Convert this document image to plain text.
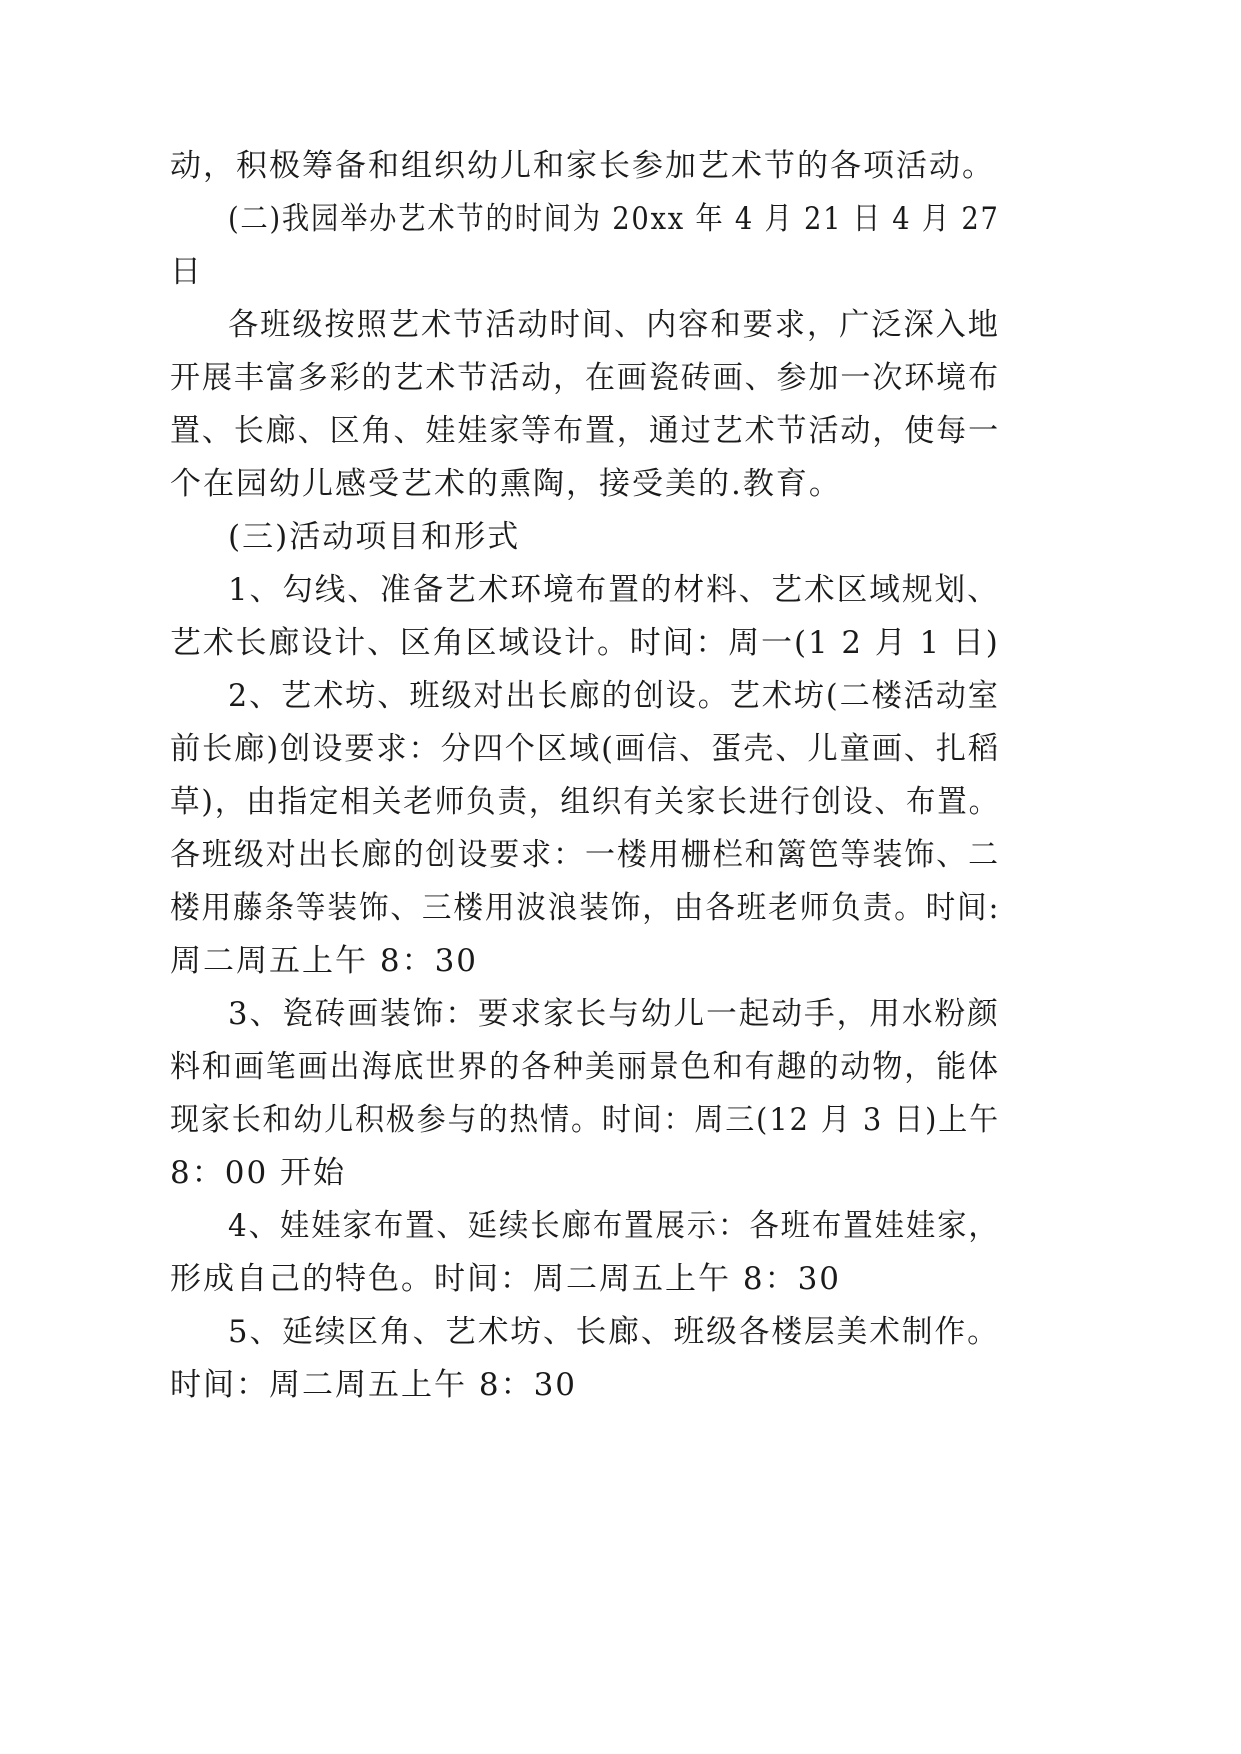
动，积极筹备和组织幼儿和家长参加艺术节的各项活动。
(二)我园举办艺术节的时间为 20xx 年 4 月 21 日 4 月 27
日
各班级按照艺术节活动时间、内容和要求，广泛深入地
开展丰富多彩的艺术节活动，在画瓷砖画、参加一次环境布
置、长廊、区角、娃娃家等布置，通过艺术节活动，使每一
个在园幼儿感受艺术的熏陶，接受美的.教育。
(三)活动项目和形式
1、勾线、准备艺术环境布置的材料、艺术区域规划、
艺术长廊设计、区角区域设计。时间：周一(1 2 月 1 日)
2、艺术坊、班级对出长廊的创设。艺术坊(二楼活动室
前长廊)创设要求：分四个区域(画信、蛋壳、儿童画、扎稻
草)，由指定相关老师负责，组织有关家长进行创设、布置。
各班级对出长廊的创设要求：一楼用栅栏和篱笆等装饰、二
楼用藤条等装饰、三楼用波浪装饰，由各班老师负责。时间:
周二周五上午 8：30
3、瓷砖画装饰：要求家长与幼儿一起动手，用水粉颜
料和画笔画出海底世界的各种美丽景色和有趣的动物，能体
现家长和幼儿积极参与的热情。时间：周三(12 月 3 日)上午
8：00 开始
4、娃娃家布置、延续长廊布置展示：各班布置娃娃家，
形成自己的特色。时间：周二周五上午 8：30
5、延续区角、艺术坊、长廊、班级各楼层美术制作。
时间：周二周五上午 8：30
